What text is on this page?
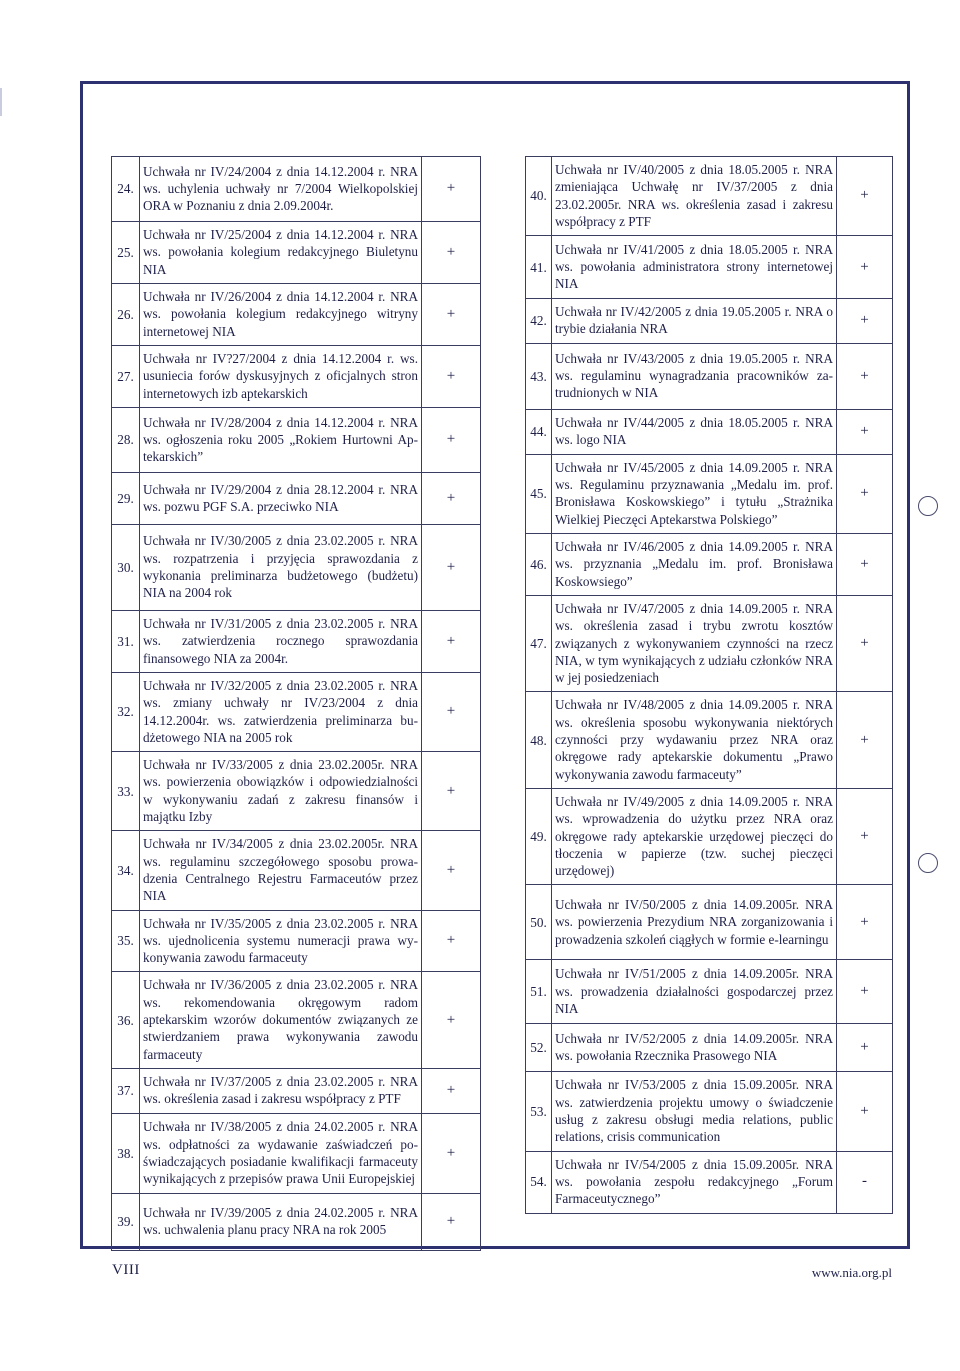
24.	Uchwała nr IV/24/2004 z dnia 14.12.2004 r. NRA ws. uchylenia uchwały nr 7/2004 Wielkopolskiej ORA w Poznaniu z dnia 2.09.2004r.	+
25.	Uchwała nr IV/25/2004 z dnia 14.12.2004 r. NRA ws. powołania kolegium redakcyjnego Biuletynu NIA	+
26.	Uchwała nr IV/26/2004 z dnia 14.12.2004 r. NRA ws. powołania kolegium redakcyjnego witryny internetowej NIA	+
27.	Uchwała nr IV?27/2004 z dnia 14.12.2004 r. ws. usuniecia forów dyskusyjnych z oficjalnych stron internetowych izb aptekarskich	+
28.	Uchwała nr IV/28/2004 z dnia 14.12.2004 r. NRA ws. ogłoszenia roku 2005 „Rokiem Hurtowni Aptekarskich”	+
29.	Uchwała nr IV/29/2004 z dnia 28.12.2004 r. NRA ws. pozwu PGF S.A. przeciwko NIA	+
30.	Uchwała nr IV/30/2005 z dnia 23.02.2005 r. NRA ws. rozpatrzenia i przyjęcia sprawozdania z wykonania preliminarza budżetowego (budżetu) NIA na 2004 rok	+
31.	Uchwała nr IV/31/2005 z dnia 23.02.2005 r. NRA ws. zatwierdzenia rocznego sprawozdania finansowego NIA za 2004r.	+
32.	Uchwała nr IV/32/2005 z dnia 23.02.2005 r. NRA ws. zmiany uchwały nr IV/23/2004 z dnia 14.12.2004r. ws. zatwierdzenia preliminarza budżetowego NIA na 2005 rok	+
33.	Uchwała nr IV/33/2005 z dnia 23.02.2005r. NRA ws. powierzenia obowiązków i odpowiedzialności w wykonywaniu zadań z zakresu finansów i majątku Izby	+
34.	Uchwała nr IV/34/2005 z dnia 23.02.2005r. NRA ws. regulaminu szczegółowego sposobu prowadzenia Centralnego Rejestru Farmaceutów przez NIA	+
35.	Uchwała nr IV/35/2005 z dnia 23.02.2005 r. NRA ws. ujednolicenia systemu numeracji prawa wykonywania zawodu farmaceuty	+
36.	Uchwała nr IV/36/2005 z dnia 23.02.2005 r. NRA ws. rekomendowania okręgowym radom aptekarskim wzorów dokumentów związanych ze stwierdzaniem prawa wykonywania zawodu farmaceuty	+
37.	Uchwała nr IV/37/2005 z dnia 23.02.2005 r. NRA ws. określenia zasad i zakresu współpracy z PTF	+
38.	Uchwała nr IV/38/2005 z dnia 24.02.2005 r. NRA ws. odpłatności za wydawanie zaświadczeń poświadczających posiadanie kwalifikacji farmaceuty wynikających z przepisów prawa Unii Europejskiej	+
39.	Uchwała nr IV/39/2005 z dnia 24.02.2005 r. NRA ws. uchwalenia planu pracy NRA na rok 2005	+
40.	Uchwała nr IV/40/2005 z dnia 18.05.2005 r. NRA zmieniająca Uchwałę nr IV/37/2005 z dnia 23.02.2005r. NRA ws. określenia zasad i zakresu współpracy z PTF	+
41.	Uchwała nr IV/41/2005 z dnia 18.05.2005 r. NRA ws. powołania administratora strony internetowej NIA	+
42.	Uchwała nr IV/42/2005 z dnia 19.05.2005 r. NRA o trybie działania NRA	+
43.	Uchwała nr IV/43/2005 z dnia 19.05.2005 r. NRA ws. regulaminu wynagradzania pracowników zatrudnionych w NIA	+
44.	Uchwała nr IV/44/2005 z dnia 18.05.2005 r. NRA ws. logo NIA	+
45.	Uchwała nr IV/45/2005 z dnia 14.09.2005 r. NRA ws. Regulaminu przyznawania „Medalu im. prof. Bronisława Koskowskiego” i tytułu „Strażnika Wielkiej Pieczęci Aptekarstwa Polskiego”	+
46.	Uchwała nr IV/46/2005 z dnia 14.09.2005 r. NRA ws. przyznania „Medalu im. prof. Bronisława Koskowsiego”	+
47.	Uchwała nr IV/47/2005 z dnia 14.09.2005 r. NRA ws. określenia zasad i trybu zwrotu kosztów związanych z wykonywaniem czynności na rzecz NIA, w tym wynikających z udziału członków NRA w jej posiedzeniach	+
48.	Uchwała nr IV/48/2005 z dnia 14.09.2005 r. NRA ws. określenia sposobu wykonywania niektórych czynności przy wydawaniu przez NRA oraz okręgowe rady aptekarskie dokumentu „Prawo wykonywania zawodu farmaceuty”	+
49.	Uchwała nr IV/49/2005 z dnia 14.09.2005 r. NRA ws. wprowadzenia do użytku przez NRA oraz okręgowe rady aptekarskie urzędowej pieczęci do tłoczenia w papierze (tzw. suchej pieczęci urzędowej)	+
50.	Uchwała nr IV/50/2005 z dnia 14.09.2005r. NRA ws. powierzenia Prezydium NRA zorganizowania i prowadzenia szkoleń ciągłych w formie e-learningu	+
51.	Uchwała nr IV/51/2005 z dnia 14.09.2005r. NRA ws. prowadzenia działalności gospodarczej przez NIA	+
52.	Uchwała nr IV/52/2005 z dnia 14.09.2005r. NRA ws. powołania Rzecznika Prasowego NIA	+
53.	Uchwała nr IV/53/2005 z dnia 15.09.2005r. NRA ws. zatwierdzenia projektu umowy o świadczenie usług z zakresu obsługi media relations, public relations, crisis communication	+
54.	Uchwała nr IV/54/2005 z dnia 15.09.2005r. NRA ws. powołania zespołu redakcyjnego „Forum Farmaceutycznego”	-
VIII	www.nia.org.pl
